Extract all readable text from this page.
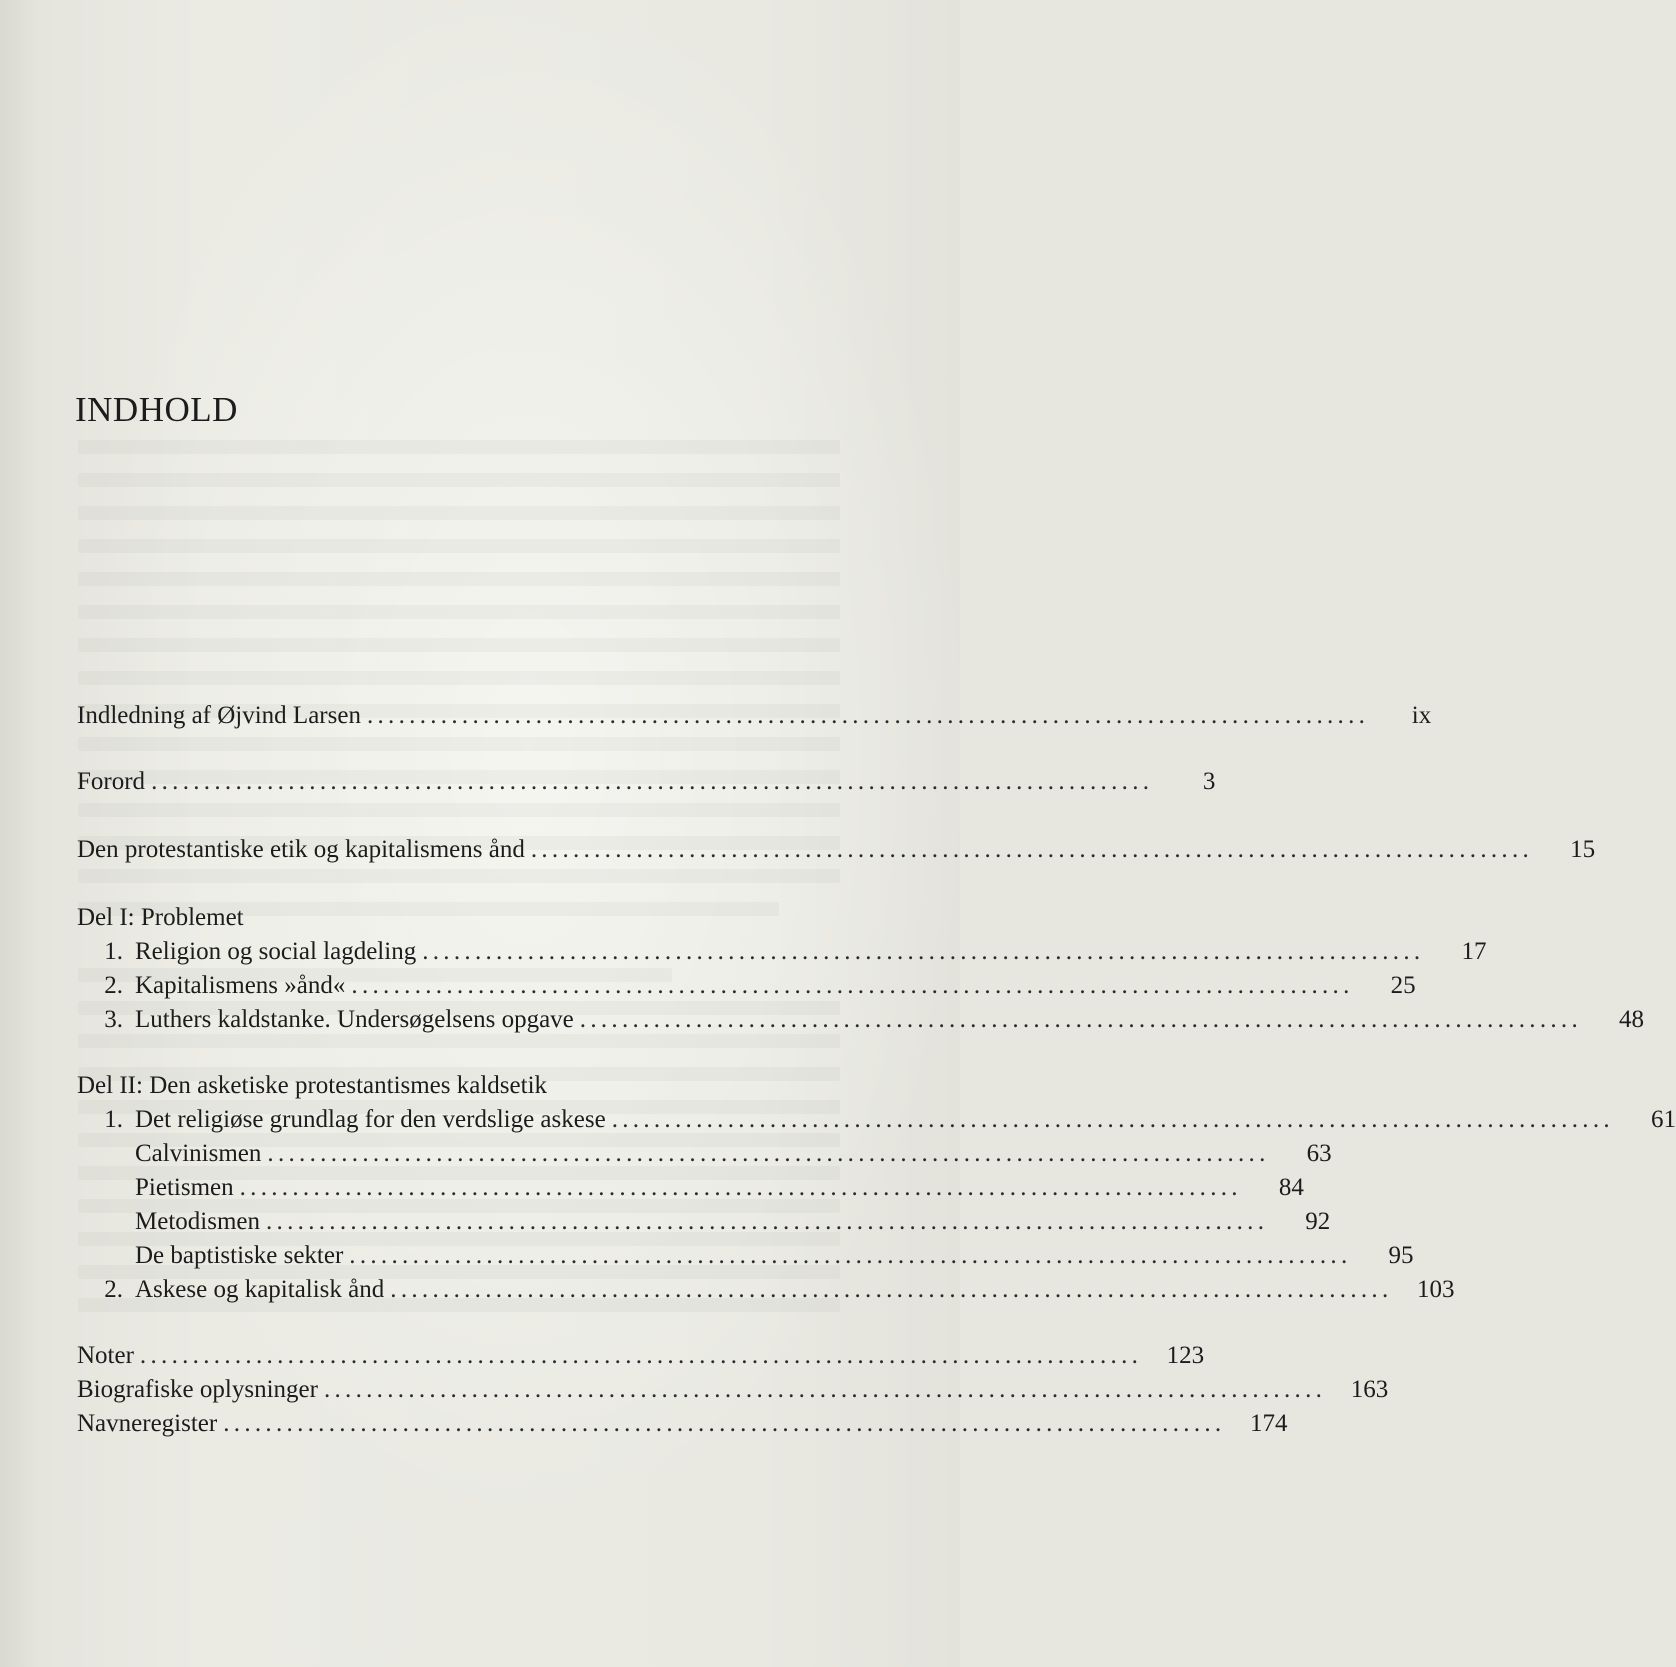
INDHOLD
Indledning af Øjvind Larsen ...............................................................................................	ix
Forord ...............................................................................................	3
Den protestantiske etik og kapitalismens ånd ...............................................................................................	15
Del I: Problemet
1. Religion og social lagdeling ...............................................................................................	17
2. Kapitalismens »ånd« ...............................................................................................	25
3. Luthers kaldstanke. Undersøgelsens opgave ...............................................................................................	48
Del II: Den asketiske protestantismes kaldsetik
1. Det religiøse grundlag for den verdslige askese ...............................................................................................	61
Calvinismen ...............................................................................................	63
Pietismen ...............................................................................................	84
Metodismen ...............................................................................................	92
De baptistiske sekter ...............................................................................................	95
2. Askese og kapitalisk ånd ............................................................................................... 103
Noter ............................................................................................... 123
Biografiske oplysninger ............................................................................................... 163
Navneregister ............................................................................................... 174
